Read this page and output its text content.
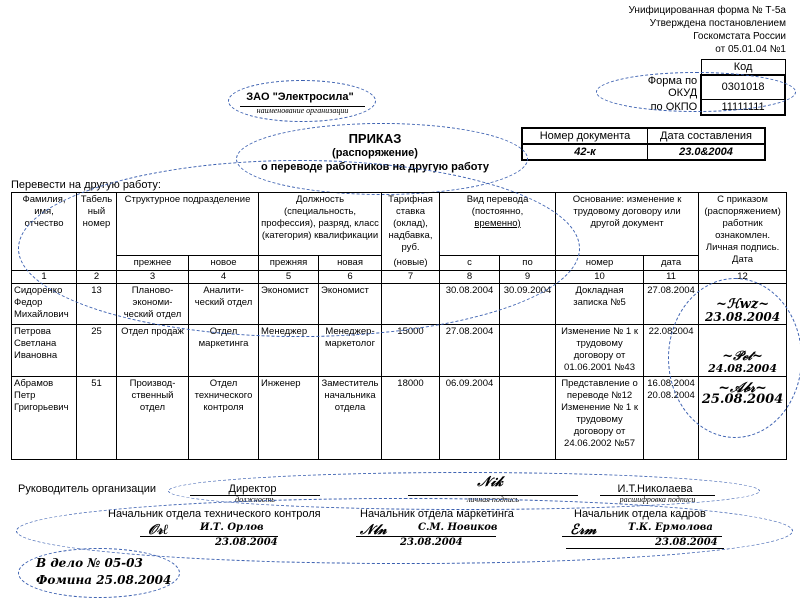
Унифицированная форма № Т-5а
Утверждена постановлением
Госкомстата России
от 05.01.04 №1
	Код
Форма по ОКУД	0301018
по ОКПО	11111111
ЗАО "Электросила"
наименование организации
Номер документа	Дата составления
42-к	23.0&2004
ПРИКАЗ
(распоряжение)
о переводе работников на другую работу
Перевести на другую работу:
Фамилия, имя, отчество	Табель ный номер	Структурное подразделение		Должность (специальность, профессия), разряд, класс (категория) квалификации		Тарифная ставка (оклад), надбавка, руб.	Вид перевода
(постоянно,
временно)		Основание: изменение к трудовому договору или другой документ		С приказом (распоряжением) работник ознакомлен. Личная подпись. Дата
		прежнее	новое	прежняя	новая	(новые)	с	по	номер	дата	
1	2	3	4	5	6	7	8	9	10	11	12
Сидоренко Федор Михайлович	13	Планово-экономи-ческий отдел	Аналити-ческий отдел	Экономист	Экономист		30.08.2004	30.09.2004	Докладная записка №5	27.08.2004	~ℋwz~
23.08.2004

Петрова Светлана Ивановна	25	Отдел продаж	Отдел маркетинга	Менеджер	Менеджер-маркетолог	15000	27.08.2004		Изменение № 1 к трудовому договору от 01.06.2001 №43	22.082004	~𝒫ℯ𝓉~
24.08.2004

Абрамов Петр Григорьевич	51	Производ-ственный отдел	Отдел технического контроля	Инженер	Заместитель начальника отдела	18000	06.09.2004		Представление о переводе №12 Изменение № 1 к трудовому договору от 24.06.2002 №57	16.08.2004 20.08.2004	~𝒜𝒷𝓇~
25.08.2004
Руководитель организации	Директор
должность
𝒩𝒾𝓀
личная подпись
И.Т.Николаева
расшифровка подписи
Начальник отдела технического контроля	Начальник отдела маркетинга	Начальник отдела кадров
𝒪𝓇ℓ	И.Т. Орлов
23.08.2004
𝒩𝓁𝓃	С.М. Новиков
23.08.2004
ℰ𝓇𝓂	Т.К. Ермолова
23.08.2004
В дело № 05-03
Фомина 25.08.2004
